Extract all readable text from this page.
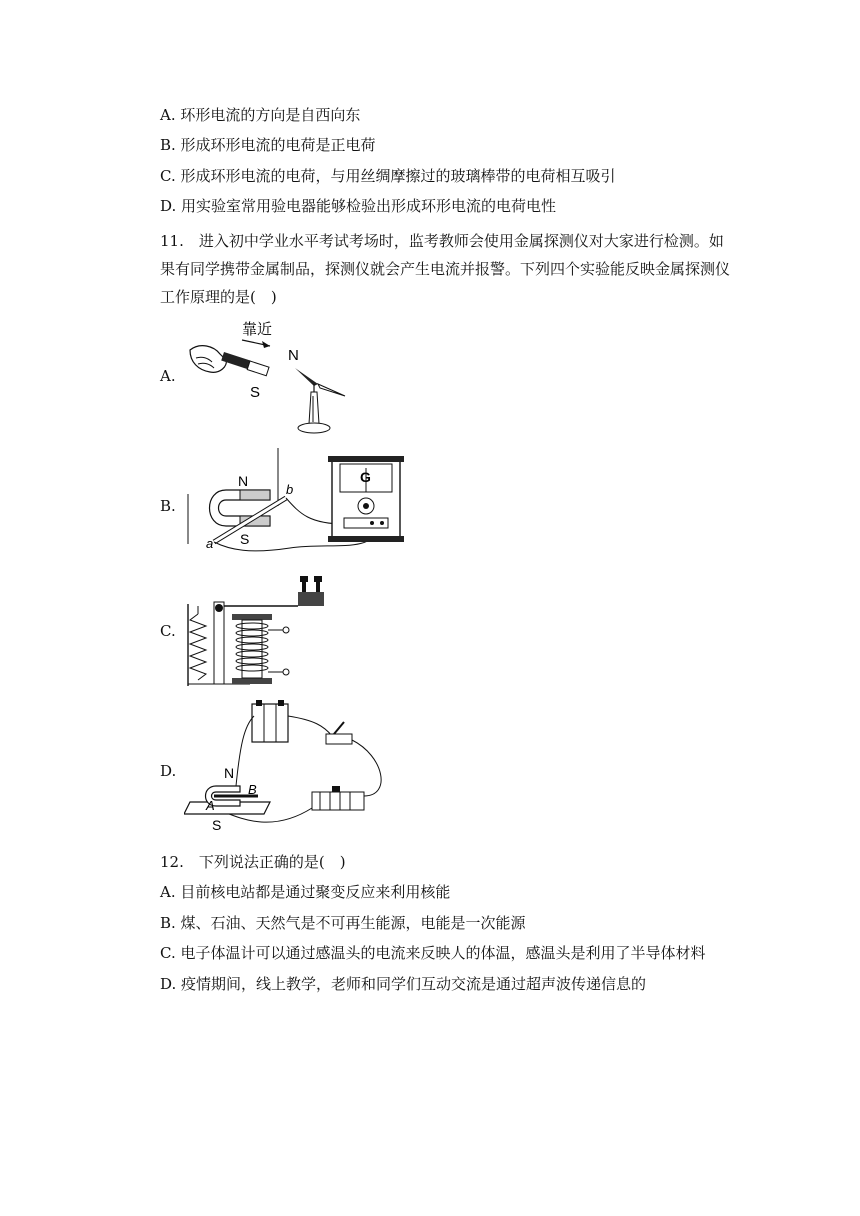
A. 环形电流的方向是自西向东
B. 形成环形电流的电荷是正电荷
C. 形成环形电流的电荷，与用丝绸摩擦过的玻璃棒带的电荷相互吸引
D. 用实验室常用验电器能够检验出形成环形电流的电荷电性
11.　进入初中学业水平考试考场时，监考教师会使用金属探测仪对大家进行检测。如果有同学携带金属制品，探测仪就会产生电流并报警。下列四个实验能反映金属探测仪工作原理的是(　)
A.
靠近
S
N
B.
N
S
a
b
G
C.
D.	N
S
A
B
12.　下列说法正确的是(　)
A. 目前核电站都是通过聚变反应来利用核能
B. 煤、石油、天然气是不可再生能源，电能是一次能源
C. 电子体温计可以通过感温头的电流来反映人的体温，感温头是利用了半导体材料
D. 疫情期间，线上教学，老师和同学们互动交流是通过超声波传递信息的
